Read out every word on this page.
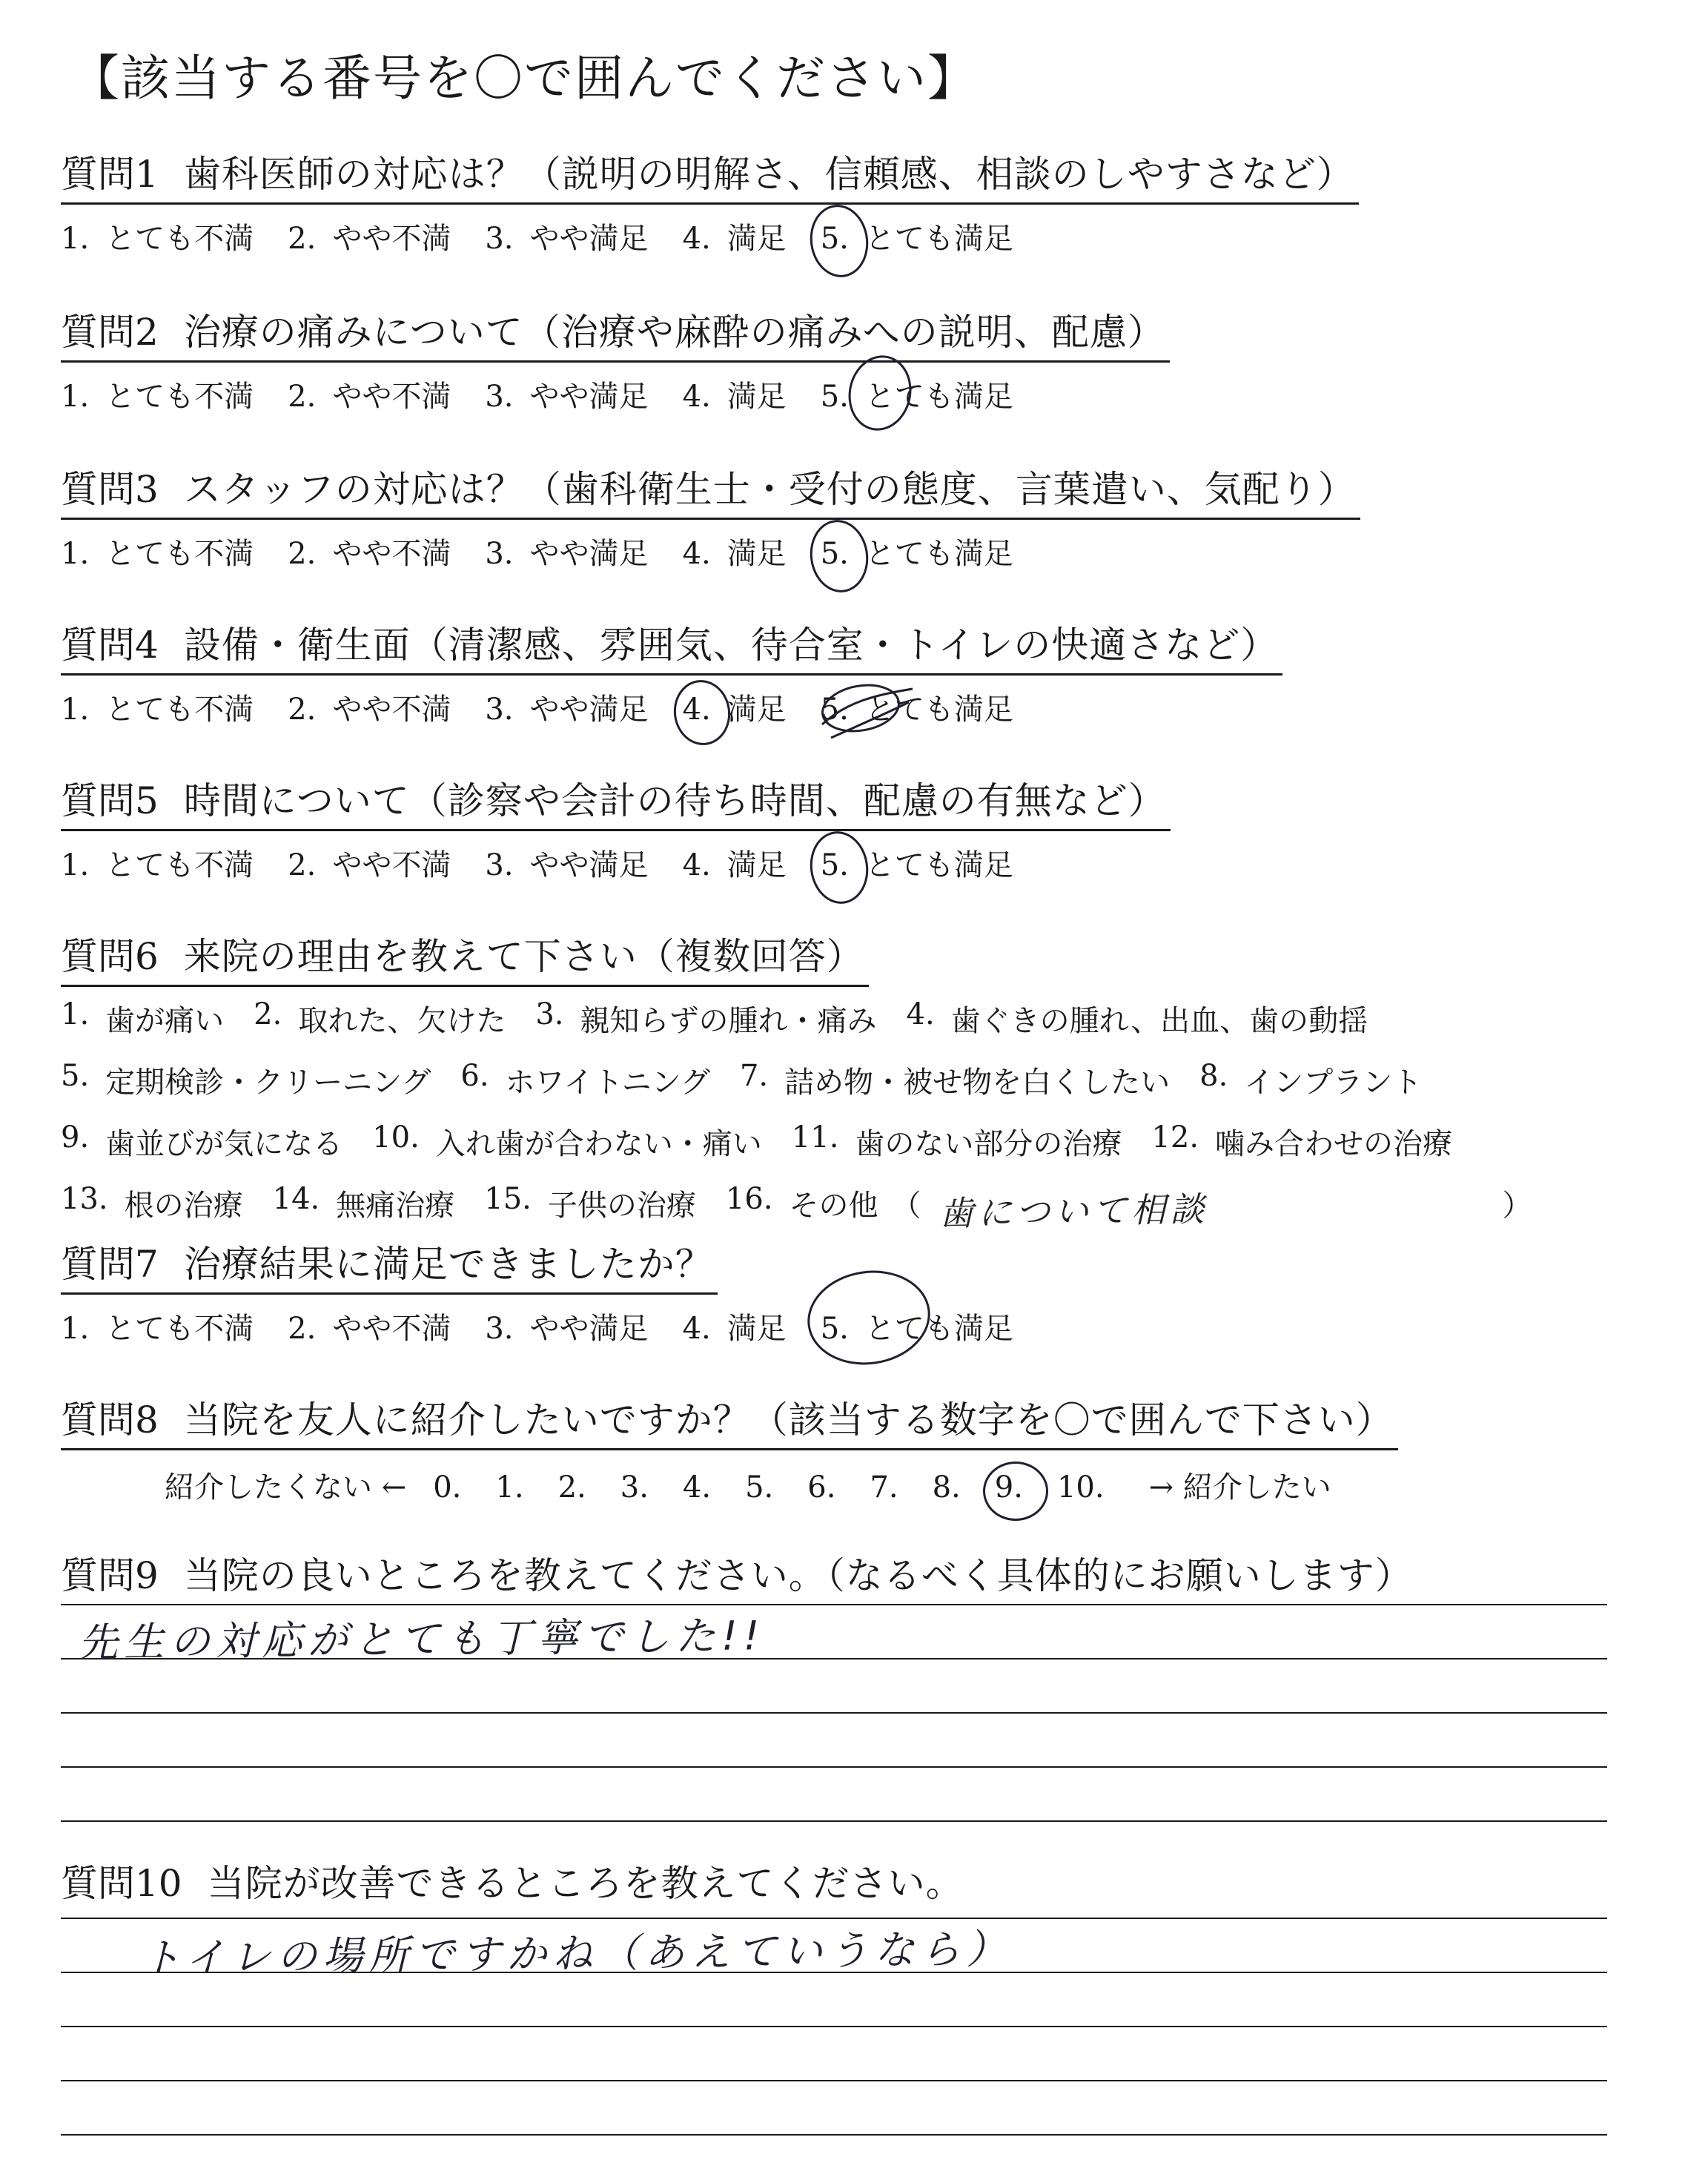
【該当する番号を〇で囲んでください】
質問1 歯科医師の対応は？（説明の明解さ、信頼感、相談のしやすさなど）
1. とても不満 2. やや不満 3. やや満足 4. 満足 5. とても満足
質問2 治療の痛みについて（治療や麻酔の痛みへの説明、配慮）
1. とても不満 2. やや不満 3. やや満足 4. 満足 5. とても満足
質問3 スタッフの対応は？（歯科衛生士・受付の態度、言葉遣い、気配り）
1. とても不満 2. やや不満 3. やや満足 4. 満足 5. とても満足
質問4 設備・衛生面（清潔感、雰囲気、待合室・トイレの快適さなど）
1. とても不満 2. やや不満 3. やや満足 4. 満足 5. とても満足
質問5 時間について（診察や会計の待ち時間、配慮の有無など）
1. とても不満 2. やや不満 3. やや満足 4. 満足 5. とても満足
質問6 来院の理由を教えて下さい（複数回答）
1. 歯が痛い 2. 取れた、欠けた 3. 親知らずの腫れ・痛み 4. 歯ぐきの腫れ、出血、歯の動揺
5. 定期検診・クリーニング 6. ホワイトニング 7. 詰め物・被せ物を白くしたい 8. インプラント
9. 歯並びが気になる 10. 入れ歯が合わない・痛い 11. 歯のない部分の治療 12. 噛み合わせの治療
13. 根の治療 14. 無痛治療 15. 子供の治療 16. その他 （ 歯について相談	）
質問7 治療結果に満足できましたか？
1. とても不満 2. やや不満 3. やや満足 4. 満足 5. とても満足
質問8 当院を友人に紹介したいですか？（該当する数字を〇で囲んで下さい）
紹介したくない ← 0. 1. 2. 3. 4. 5. 6. 7. 8. 9. 10. → 紹介したい
質問9 当院の良いところを教えてください。（なるべく具体的にお願いします）
先生の対応がとても丁寧でした!!
質問10 当院が改善できるところを教えてください。
トイレの場所ですかね（あえていうなら）
